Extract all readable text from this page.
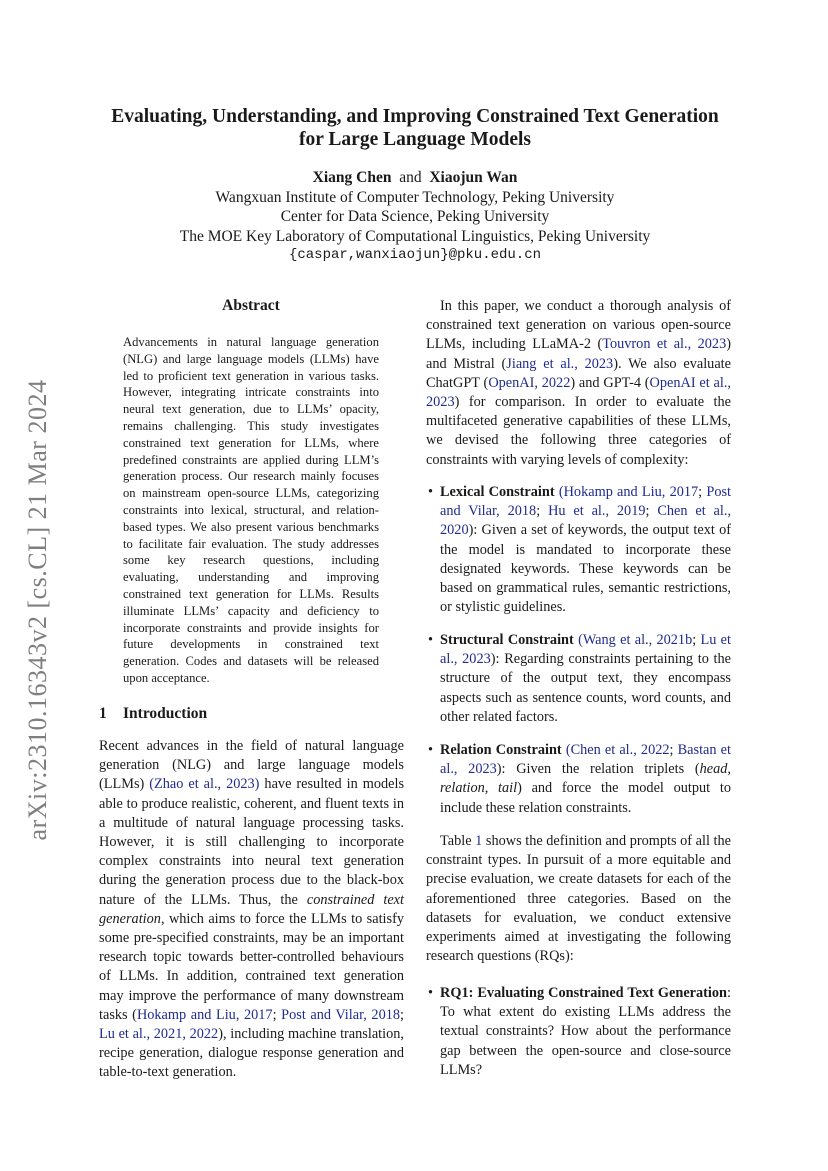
Evaluating, Understanding, and Improving Constrained Text Generation
for Large Language Models
Xiang Chen and Xiaojun Wan
Wangxuan Institute of Computer Technology, Peking University
Center for Data Science, Peking University
The MOE Key Laboratory of Computational Linguistics, Peking University
{caspar,wanxiaojun}@pku.edu.cn
arXiv:2310.16343v2 [cs.CL] 21 Mar 2024
Abstract
Advancements in natural language generation (NLG) and large language models (LLMs) have led to proficient text generation in various tasks. However, integrating intricate constraints into neural text generation, due to LLMs’ opacity, remains challenging. This study investigates constrained text generation for LLMs, where predefined constraints are applied during LLM’s generation process. Our research mainly focuses on mainstream open-source LLMs, categorizing constraints into lexical, structural, and relation-based types. We also present various benchmarks to facilitate fair evaluation. The study addresses some key research questions, including evaluating, understanding and improving constrained text generation for LLMs. Results illuminate LLMs’ capacity and deficiency to incorporate constraints and provide insights for future developments in constrained text generation. Codes and datasets will be released upon acceptance.
1 Introduction
Recent advances in the field of natural language generation (NLG) and large language models (LLMs) (Zhao et al., 2023) have resulted in models able to produce realistic, coherent, and fluent texts in a multitude of natural language processing tasks. However, it is still challenging to incorporate complex constraints into neural text generation during the generation process due to the black-box nature of the LLMs. Thus, the constrained text generation, which aims to force the LLMs to satisfy some pre-specified constraints, may be an important research topic towards better-controlled behaviours of LLMs. In addition, contrained text generation may improve the performance of many downstream tasks (Hokamp and Liu, 2017; Post and Vilar, 2018; Lu et al., 2021, 2022), including machine translation, recipe generation, dialogue response generation and table-to-text generation.
In this paper, we conduct a thorough analysis of constrained text generation on various open-source LLMs, including LLaMA-2 (Touvron et al., 2023) and Mistral (Jiang et al., 2023). We also evaluate ChatGPT (OpenAI, 2022) and GPT-4 (OpenAI et al., 2023) for comparison. In order to evaluate the multifaceted generative capabilities of these LLMs, we devised the following three categories of constraints with varying levels of complexity:
• Lexical Constraint (Hokamp and Liu, 2017; Post and Vilar, 2018; Hu et al., 2019; Chen et al., 2020): Given a set of keywords, the output text of the model is mandated to incorporate these designated keywords. These keywords can be based on grammatical rules, semantic restrictions, or stylistic guidelines.
• Structural Constraint (Wang et al., 2021b; Lu et al., 2023): Regarding constraints pertaining to the structure of the output text, they encompass aspects such as sentence counts, word counts, and other related factors.
• Relation Constraint (Chen et al., 2022; Bastan et al., 2023): Given the relation triplets (head, relation, tail) and force the model output to include these relation constraints.
Table 1 shows the definition and prompts of all the constraint types. In pursuit of a more equitable and precise evaluation, we create datasets for each of the aforementioned three categories. Based on the datasets for evaluation, we conduct extensive experiments aimed at investigating the following research questions (RQs):
• RQ1: Evaluating Constrained Text Generation: To what extent do existing LLMs address the textual constraints? How about the performance gap between the open-source and close-source LLMs?
